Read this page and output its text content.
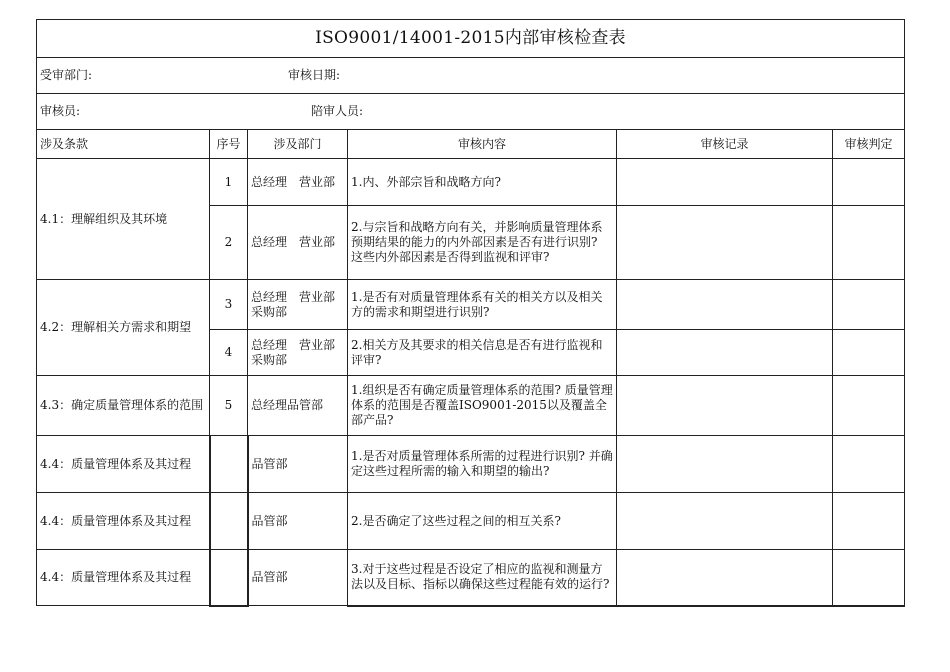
ISO9001/14001-2015内部审核检查表					
受审部门: 审核日期:					
审核员: 陪审人员:					
涉及条款	序号	涉及部门	审核内容	审核记录	审核判定
4.1：理解组织及其环境	1	总经理　营业部	1.内、外部宗旨和战略方向?		
	2	总经理　营业部	2.与宗旨和战略方向有关，并影响质量管理体系预期结果的能力的内外部因素是否有进行识别? 这些内外部因素是否得到监视和评审?		
4.2：理解相关方需求和期望	3	总经理　营业部采购部	1.是否有对质量管理体系有关的相关方以及相关方的需求和期望进行识别?		
	4	总经理　营业部采购部	2.相关方及其要求的相关信息是否有进行监视和评审?		
4.3：确定质量管理体系的范围	5	总经理品管部	1.组织是否有确定质量管理体系的范围? 质量管理体系的范围是否覆盖ISO9001-2015以及覆盖全部产品?		
4.4：质量管理体系及其过程		品管部	1.是否对质量管理体系所需的过程进行识别? 并确定这些过程所需的输入和期望的输出?		
4.4：质量管理体系及其过程		品管部	2.是否确定了这些过程之间的相互关系?		
4.4：质量管理体系及其过程		品管部	3.对于这些过程是否设定了相应的监视和测量方法以及目标、指标以确保这些过程能有效的运行?		
